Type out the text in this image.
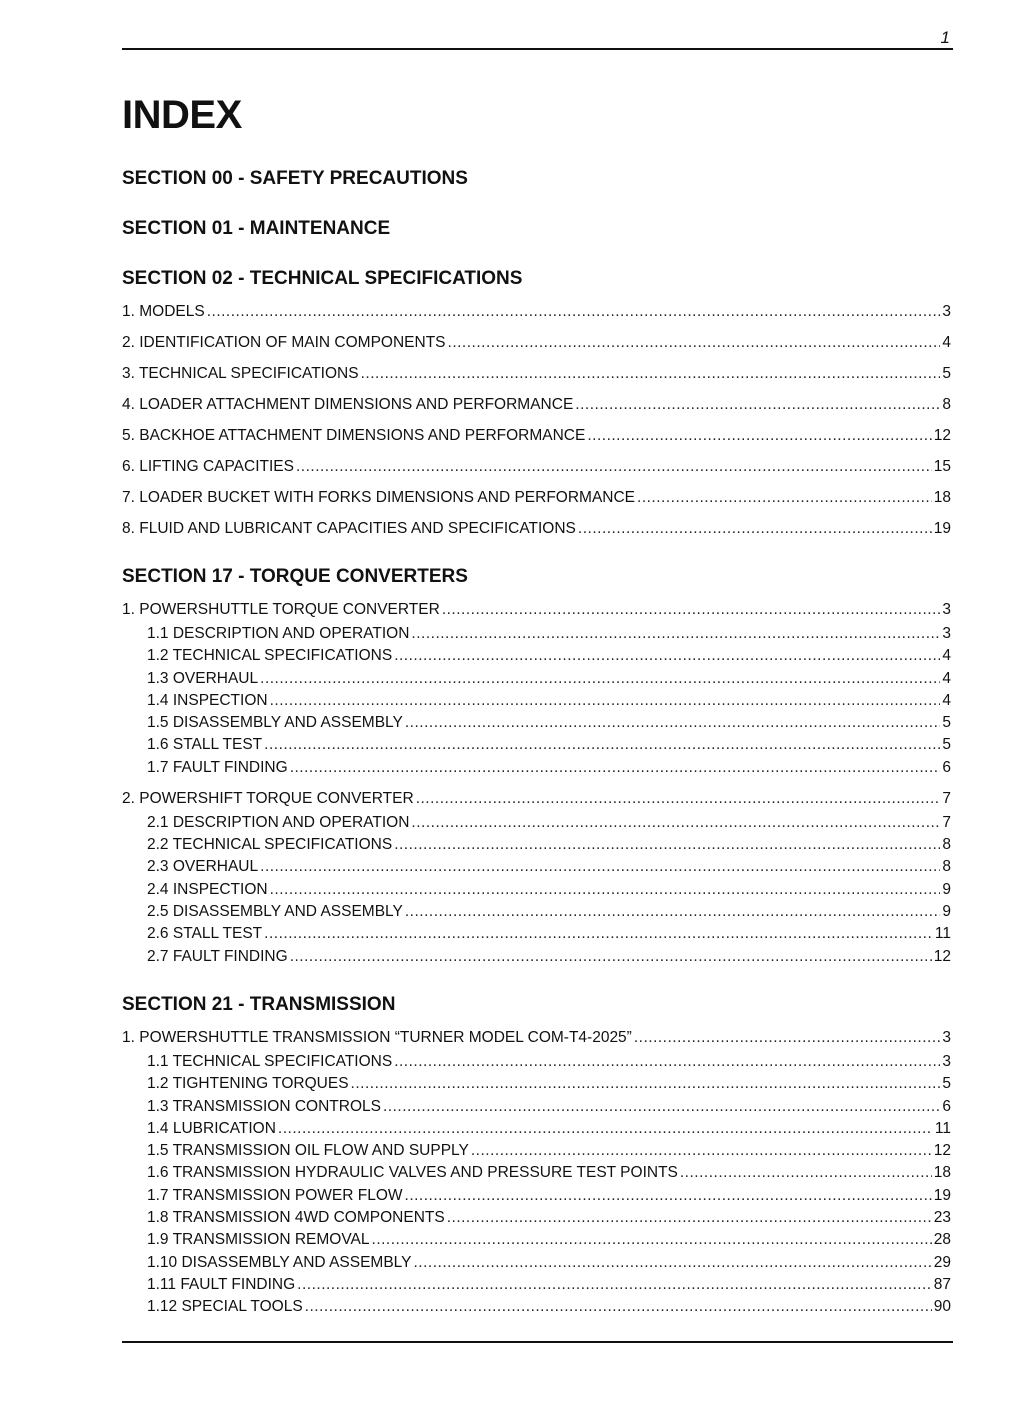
1
INDEX
SECTION 00 - SAFETY PRECAUTIONS
SECTION 01 - MAINTENANCE
SECTION 02 - TECHNICAL SPECIFICATIONS
1. MODELS .....	3
2. IDENTIFICATION OF MAIN COMPONENTS .....	4
3. TECHNICAL SPECIFICATIONS .....	5
4. LOADER ATTACHMENT DIMENSIONS AND PERFORMANCE .....	8
5. BACKHOE ATTACHMENT DIMENSIONS AND PERFORMANCE .....	12
6. LIFTING CAPACITIES .....	15
7. LOADER BUCKET WITH FORKS DIMENSIONS AND PERFORMANCE .....	18
8. FLUID AND LUBRICANT CAPACITIES AND SPECIFICATIONS .....	19
SECTION 17 - TORQUE CONVERTERS
1. POWERSHUTTLE TORQUE CONVERTER .....	3
1.1 DESCRIPTION AND OPERATION .....	3
1.2 TECHNICAL SPECIFICATIONS .....	4
1.3 OVERHAUL .....	4
1.4 INSPECTION .....	4
1.5 DISASSEMBLY AND ASSEMBLY .....	5
1.6 STALL TEST .....	5
1.7 FAULT FINDING .....	6
2. POWERSHIFT TORQUE CONVERTER .....	7
2.1 DESCRIPTION AND OPERATION .....	7
2.2 TECHNICAL SPECIFICATIONS .....	8
2.3 OVERHAUL .....	8
2.4 INSPECTION .....	9
2.5 DISASSEMBLY AND ASSEMBLY .....	9
2.6 STALL TEST .....	11
2.7 FAULT FINDING .....	12
SECTION 21 - TRANSMISSION
1. POWERSHUTTLE TRANSMISSION “TURNER MODEL COM-T4-2025” .....	3
1.1 TECHNICAL SPECIFICATIONS .....	3
1.2 TIGHTENING TORQUES .....	5
1.3 TRANSMISSION CONTROLS .....	6
1.4 LUBRICATION .....	11
1.5 TRANSMISSION OIL FLOW AND SUPPLY .....	12
1.6 TRANSMISSION HYDRAULIC VALVES AND PRESSURE TEST POINTS .....	18
1.7 TRANSMISSION POWER FLOW .....	19
1.8 TRANSMISSION 4WD COMPONENTS .....	23
1.9 TRANSMISSION REMOVAL .....	28
1.10 DISASSEMBLY AND ASSEMBLY .....	29
1.11 FAULT FINDING .....	87
1.12 SPECIAL TOOLS .....	90
